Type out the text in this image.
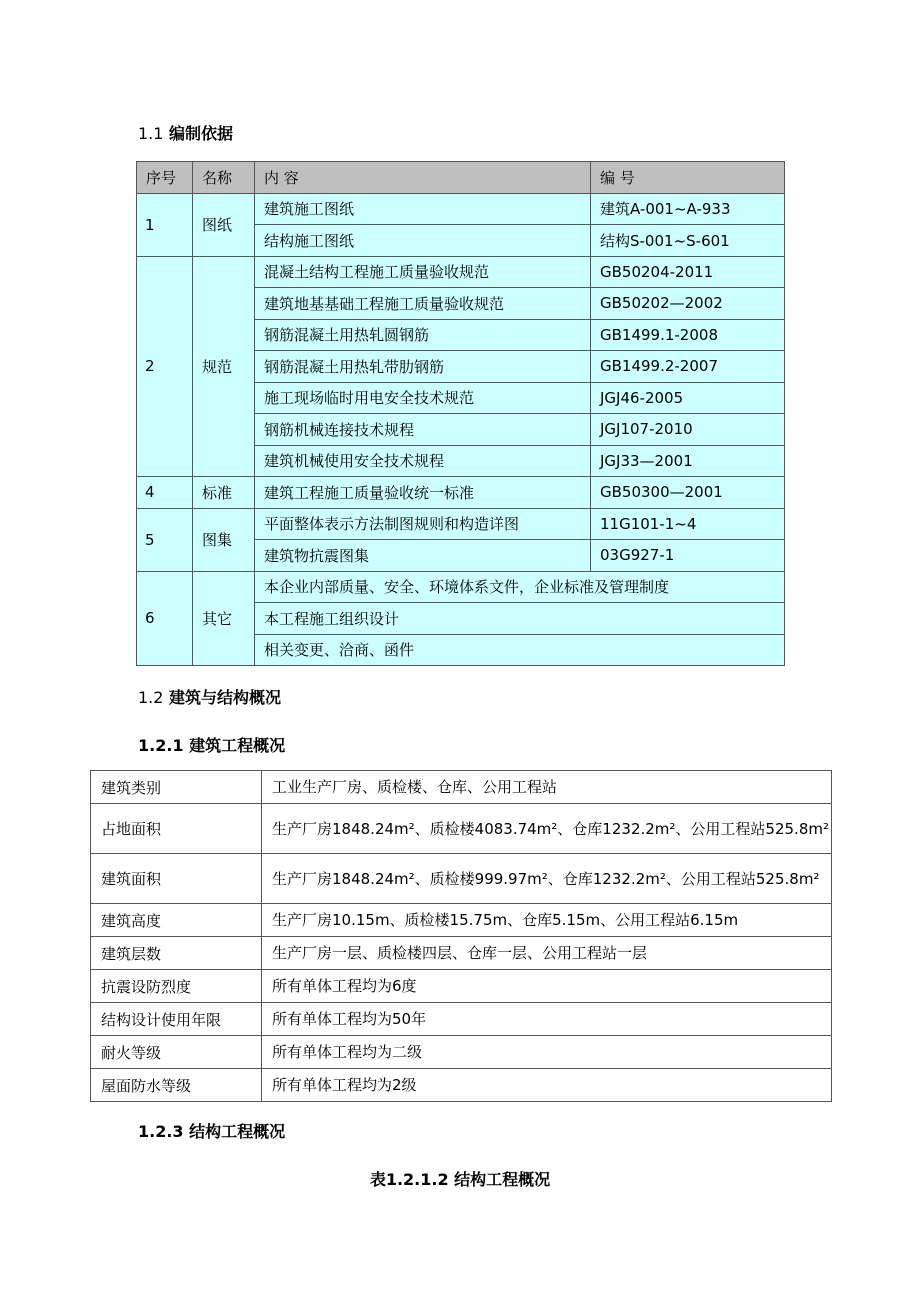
1.1 编制依据
序号	名称	内 容	编 号
1	图纸	建筑施工图纸	建筑A-001~A-933
		结构施工图纸	结构S-001~S-601
2	规范	混凝土结构工程施工质量验收规范	GB50204-2011
		建筑地基基础工程施工质量验收规范	GB50202—2002
		钢筋混凝土用热轧圆钢筋	GB1499.1-2008
		钢筋混凝土用热轧带肋钢筋	GB1499.2-2007
		施工现场临时用电安全技术规范	JGJ46-2005
		钢筋机械连接技术规程	JGJ107-2010
		建筑机械使用安全技术规程	JGJ33—2001
4	标准	建筑工程施工质量验收统一标准	GB50300—2001
5	图集	平面整体表示方法制图规则和构造详图	11G101-1~4
		建筑物抗震图集	03G927-1
6	其它	本企业内部质量、安全、环境体系文件，企业标准及管理制度	
		本工程施工组织设计	
		相关变更、洽商、函件	
1.2 建筑与结构概况
1.2.1 建筑工程概况
建筑类别	工业生产厂房、质检楼、仓库、公用工程站
占地面积	生产厂房1848.24m²、质检楼4083.74m²、仓库1232.2m²、公用工程站525.8m²
建筑面积	生产厂房1848.24m²、质检楼999.97m²、仓库1232.2m²、公用工程站525.8m²
建筑高度	生产厂房10.15m、质检楼15.75m、仓库5.15m、公用工程站6.15m
建筑层数	生产厂房一层、质检楼四层、仓库一层、公用工程站一层
抗震设防烈度	所有单体工程均为6度
结构设计使用年限	所有单体工程均为50年
耐火等级	所有单体工程均为二级
屋面防水等级	所有单体工程均为2级
1.2.3 结构工程概况
表1.2.1.2 结构工程概况
